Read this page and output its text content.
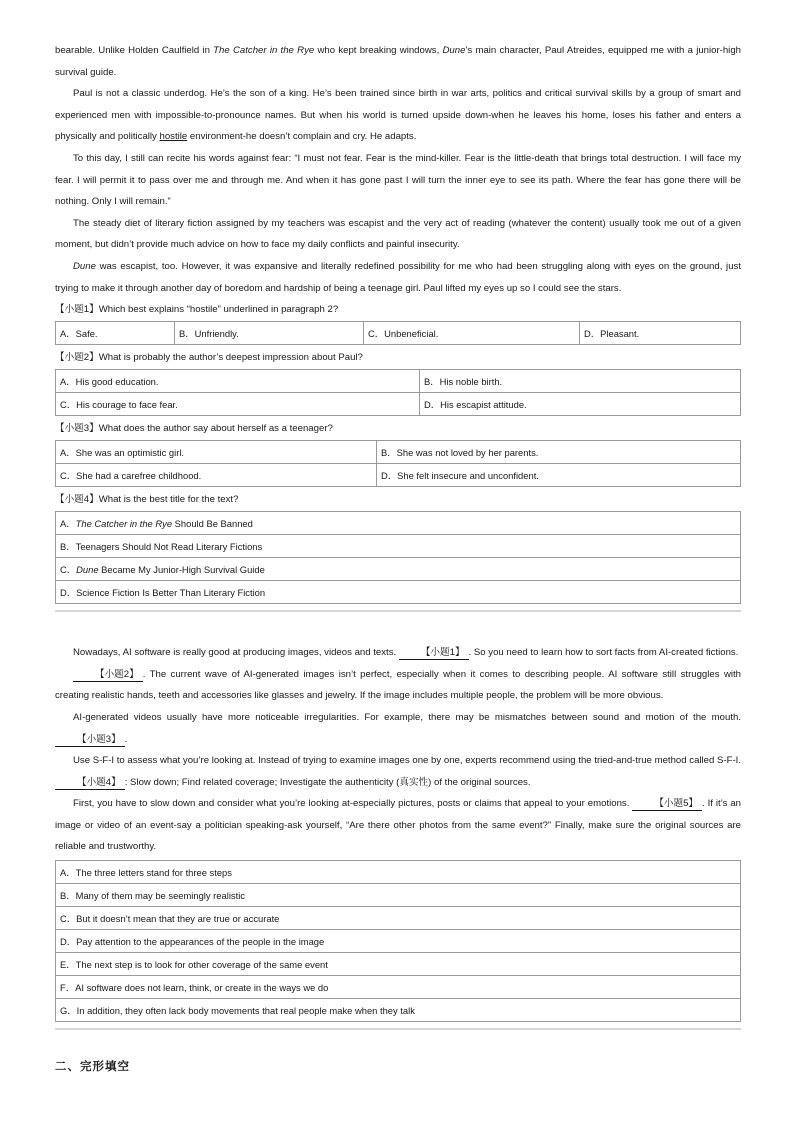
bearable. Unlike Holden Caulfield in The Catcher in the Rye who kept breaking windows, Dune’s main character, Paul Atreides, equipped me with a junior-high survival guide.

Paul is not a classic underdog. He’s the son of a king. He’s been trained since birth in war arts, politics and critical survival skills by a group of smart and experienced men with impossible-to-pronounce names. But when his world is turned upside down-when he leaves his home, loses his father and enters a physically and politically hostile environment-he doesn’t complain and cry. He adapts.

To this day, I still can recite his words against fear: “I must not fear. Fear is the mind-killer. Fear is the little-death that brings total destruction. I will face my fear. I will permit it to pass over me and through me. And when it has gone past I will turn the inner eye to see its path. Where the fear has gone there will be nothing. Only I will remain.”

The steady diet of literary fiction assigned by my teachers was escapist and the very act of reading (whatever the content) usually took me out of a given moment, but didn’t provide much advice on how to face my daily conflicts and painful insecurity.

Dune was escapist, too. However, it was expansive and literally redefined possibility for me who had been struggling along with eyes on the ground, just trying to make it through another day of boredom and hardship of being a teenage girl. Paul lifted my eyes up so I could see the stars.

【小题1】Which best explains “hostile” underlined in paragraph 2?

A．Safe.	B．Unfriendly.	C．Unbeneficial.	D．Pleasant.

【小题2】What is probably the author’s deepest impression about Paul?

A．His good education.	B．His noble birth.
C．His courage to face fear.	D．His escapist attitude.

【小题3】What does the author say about herself as a teenager?

A．She was an optimistic girl.	B．She was not loved by her parents.
C．She had a carefree childhood.	D．She felt insecure and unconfident.

【小题4】What is the best title for the text?

A．The Catcher in the Rye Should Be Banned
B．Teenagers Should Not Read Literary Fictions
C．Dune Became My Junior-High Survival Guide
D．Science Fiction Is Better Than Literary Fiction

Nowadays, AI software is really good at producing images, videos and texts. 【小题1】 . So you need to learn how to sort facts from AI-created fictions.

【小题2】 . The current wave of AI-generated images isn’t perfect, especially when it comes to describing people. AI software still struggles with creating realistic hands, teeth and accessories like glasses and jewelry. If the image includes multiple people, the problem will be more obvious.

AI-generated videos usually have more noticeable irregularities. For example, there may be mismatches between sound and motion of the mouth. 【小题3】 .

Use S-F-I to assess what you’re looking at. Instead of trying to examine images one by one, experts recommend using the tried-and-true method called S-F-I. 【小题4】 : Slow down; Find related coverage; Investigate the authenticity (真实性) of the original sources.

First, you have to slow down and consider what you’re looking at-especially pictures, posts or claims that appeal to your emotions. 【小题5】 . If it’s an image or video of an event-say a politician speaking-ask yourself, “Are there other photos from the same event?” Finally, make sure the original sources are reliable and trustworthy.

A．The three letters stand for three steps
B．Many of them may be seemingly realistic
C．But it doesn’t mean that they are true or accurate
D．Pay attention to the appearances of the people in the image
E．The next step is to look for other coverage of the same event
F．AI software does not learn, think, or create in the ways we do
G．In addition, they often lack body movements that real people make when they talk
二、完形填空
